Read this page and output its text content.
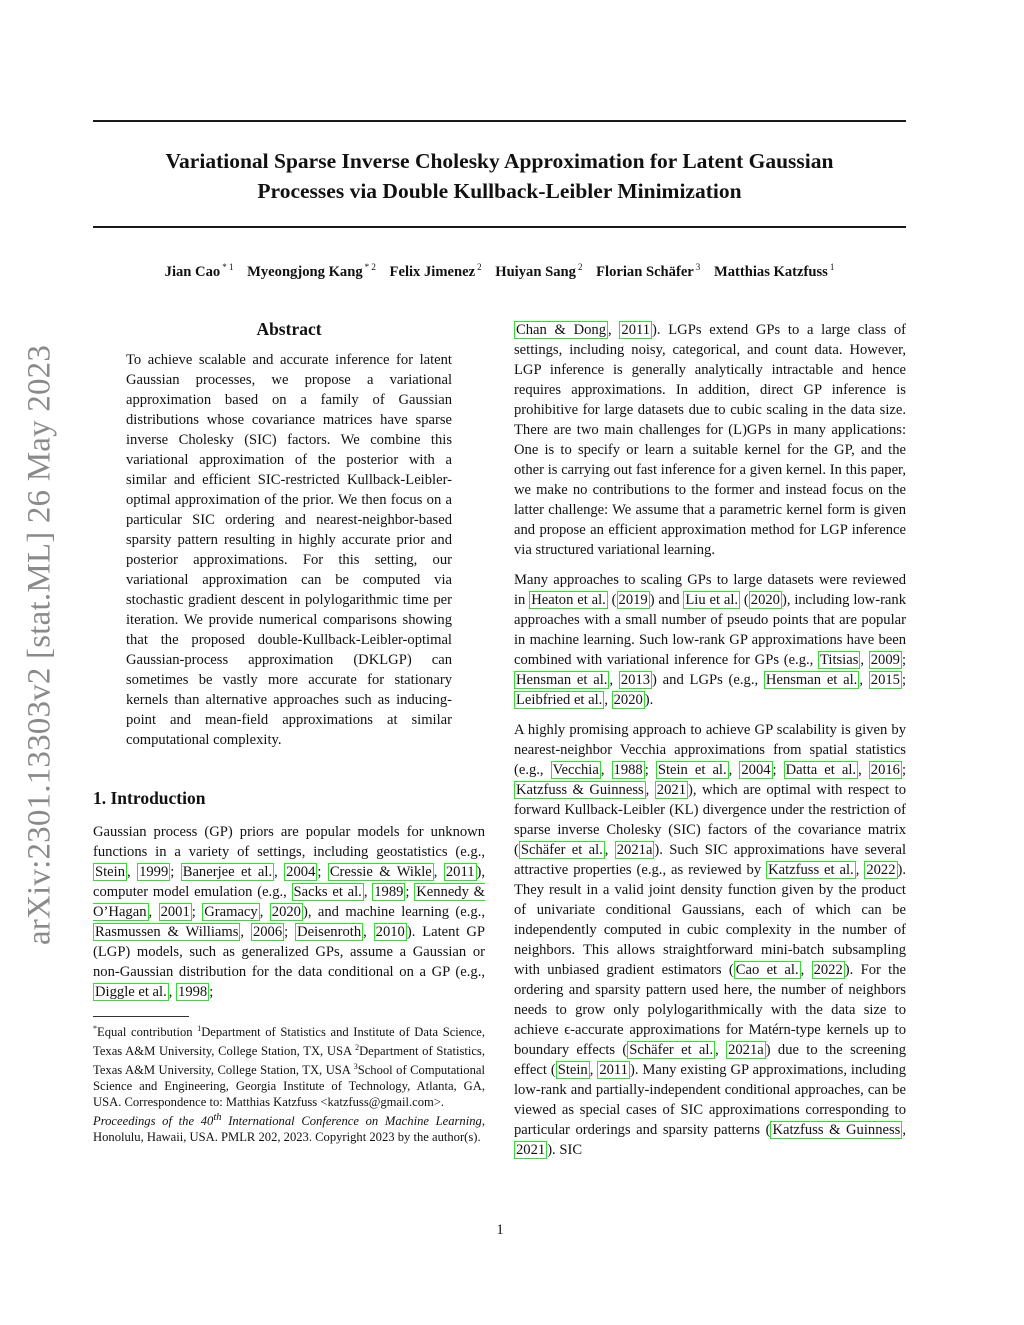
Variational Sparse Inverse Cholesky Approximation for Latent Gaussian
Processes via Double Kullback-Leibler Minimization
Jian Cao $^{* 1}$ Myeongjong Kang $^{* 2}$ Felix Jimenez $^2$ Huiyan Sang $^2$ Florian Schäfer $^3$ Matthias Katzfuss $^1$
arXiv:2301.13303v2 [stat.ML] 26 May 2023
Abstract
To achieve scalable and accurate inference for latent Gaussian processes, we propose a variational approximation based on a family of Gaussian distributions whose covariance matrices have sparse inverse Cholesky (SIC) factors. We combine this variational approximation of the posterior with a similar and efficient SIC-restricted Kullback-Leibler-optimal approximation of the prior. We then focus on a particular SIC ordering and nearest-neighbor-based sparsity pattern resulting in highly accurate prior and posterior approximations. For this setting, our variational approximation can be computed via stochastic gradient descent in polylogarithmic time per iteration. We provide numerical comparisons showing that the proposed double-Kullback-Leibler-optimal Gaussian-process approximation (DKLGP) can sometimes be vastly more accurate for stationary kernels than alternative approaches such as inducing-point and mean-field approximations at similar computational complexity.
1. Introduction

Gaussian process (GP) priors are popular models for unknown functions in a variety of settings, including geostatistics (e.g., Stein , 1999 ; Banerjee et al. , 2004 ; Cressie & Wikle , 2011 ), computer model emulation (e.g., Sacks et al. , 1989 ; Kennedy & O’Hagan , 2001 ; Gramacy , 2020 ), and machine learning (e.g., Rasmussen & Williams , 2006 ; Deisenroth , 2010 ). Latent GP (LGP) models, such as generalized GPs, assume a Gaussian or non-Gaussian distribution for the data conditional on a GP (e.g., Diggle et al. , 1998 ;

*Equal contribution $^1$Department of Statistics and Institute of Data Science, Texas A&M University, College Station, TX, USA $^2$Department of Statistics, Texas A&M University, College Station, TX, USA $^3$School of Computational Science and Engineering, Georgia Institute of Technology, Atlanta, GA, USA. Correspondence to: Matthias Katzfuss <katzfuss@gmail.com>.

Proceedings of the 40th International Conference on Machine Learning, Honolulu, Hawaii, USA. PMLR 202, 2023. Copyright 2023 by the author(s).

Chan & Dong , 2011 ). LGPs extend GPs to a large class of settings, including noisy, categorical, and count data. However, LGP inference is generally analytically intractable and hence requires approximations. In addition, direct GP inference is prohibitive for large datasets due to cubic scaling in the data size. There are two main challenges for (L)GPs in many applications: One is to specify or learn a suitable kernel for the GP, and the other is carrying out fast inference for a given kernel. In this paper, we make no contributions to the former and instead focus on the latter challenge: We assume that a parametric kernel form is given and propose an efficient approximation method for LGP inference via structured variational learning.

Many approaches to scaling GPs to large datasets were reviewed in Heaton et al. ( 2019 ) and Liu et al. ( 2020 ), including low-rank approaches with a small number of pseudo points that are popular in machine learning. Such low-rank GP approximations have been combined with variational inference for GPs (e.g., Titsias , 2009 ; Hensman et al. , 2013 ) and LGPs (e.g., Hensman et al. , 2015 ; Leibfried et al. , 2020 ).

A highly promising approach to achieve GP scalability is given by nearest-neighbor Vecchia approximations from spatial statistics (e.g., Vecchia , 1988 ; Stein et al. , 2004 ; Datta et al. , 2016 ; Katzfuss & Guinness , 2021 ), which are optimal with respect to forward Kullback-Leibler (KL) divergence under the restriction of sparse inverse Cholesky (SIC) factors of the covariance matrix ( Schäfer et al. , 2021a ). Such SIC approximations have several attractive properties (e.g., as reviewed by Katzfuss et al. , 2022 ). They result in a valid joint density function given by the product of univariate conditional Gaussians, each of which can be independently computed in cubic complexity in the number of neighbors. This allows straightforward mini-batch subsampling with unbiased gradient estimators ( Cao et al. , 2022 ). For the ordering and sparsity pattern used here, the number of neighbors needs to grow only polylogarithmically with the data size to achieve ϵ-accurate approximations for Matérn-type kernels up to boundary effects ( Schäfer et al. , 2021a ) due to the screening effect ( Stein , 2011 ). Many existing GP approximations, including low-rank and partially-independent conditional approaches, can be viewed as special cases of SIC approximations corresponding to particular orderings and sparsity patterns ( Katzfuss & Guinness , 2021 ). SIC

1
